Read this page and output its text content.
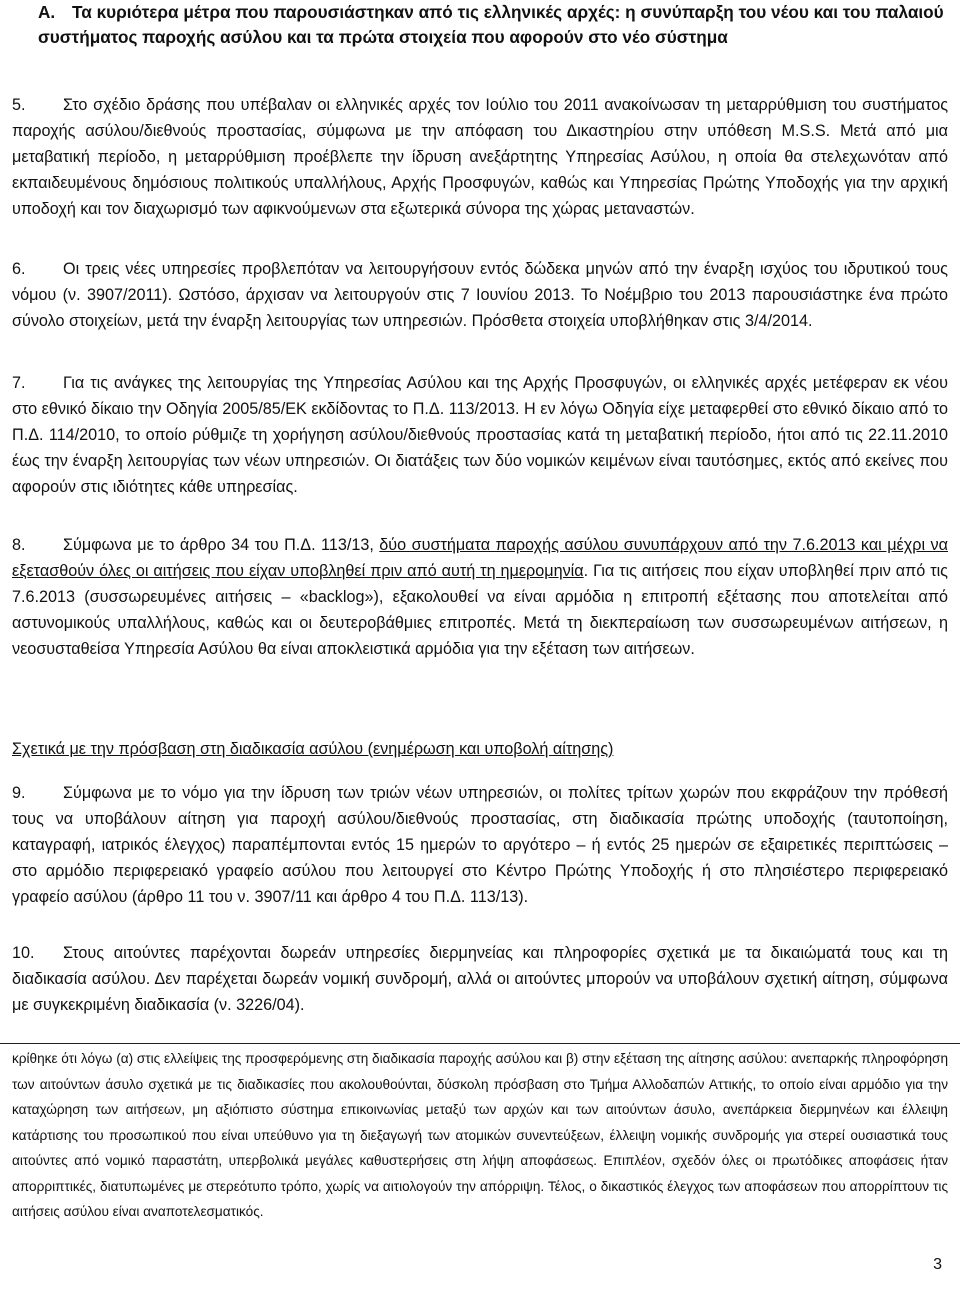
A. Τα κυριότερα μέτρα που παρουσιάστηκαν από τις ελληνικές αρχές: η συνύπαρξη του νέου και του παλαιού συστήματος παροχής ασύλου και τα πρώτα στοιχεία που αφορούν στο νέο σύστημα

5. Στο σχέδιο δράσης που υπέβαλαν οι ελληνικές αρχές τον Ιούλιο του 2011 ανακοίνωσαν τη μεταρρύθμιση του συστήματος παροχής ασύλου/διεθνούς προστασίας, σύμφωνα με την απόφαση του Δικαστηρίου στην υπόθεση M.S.S. Μετά από μια μεταβατική περίοδο, η μεταρρύθμιση προέβλεπε την ίδρυση ανεξάρτητης Υπηρεσίας Ασύλου, η οποία θα στελεχωνόταν από εκπαιδευμένους δημόσιους πολιτικούς υπαλλήλους, Αρχής Προσφυγών, καθώς και Υπηρεσίας Πρώτης Υποδοχής για την αρχική υποδοχή και τον διαχωρισμό των αφικνούμενων στα εξωτερικά σύνορα της χώρας μεταναστών.

6. Οι τρεις νέες υπηρεσίες προβλεπόταν να λειτουργήσουν εντός δώδεκα μηνών από την έναρξη ισχύος του ιδρυτικού τους νόμου (ν. 3907/2011). Ωστόσο, άρχισαν να λειτουργούν στις 7 Ιουνίου 2013. Το Νοέμβριο του 2013 παρουσιάστηκε ένα πρώτο σύνολο στοιχείων, μετά την έναρξη λειτουργίας των υπηρεσιών. Πρόσθετα στοιχεία υποβλήθηκαν στις 3/4/2014.

7. Για τις ανάγκες της λειτουργίας της Υπηρεσίας Ασύλου και της Αρχής Προσφυγών, οι ελληνικές αρχές μετέφεραν εκ νέου στο εθνικό δίκαιο την Οδηγία 2005/85/ΕΚ εκδίδοντας το Π.Δ. 113/2013. Η εν λόγω Οδηγία είχε μεταφερθεί στο εθνικό δίκαιο από το Π.Δ. 114/2010, το οποίο ρύθμιζε τη χορήγηση ασύλου/διεθνούς προστασίας κατά τη μεταβατική περίοδο, ήτοι από τις 22.11.2010 έως την έναρξη λειτουργίας των νέων υπηρεσιών. Οι διατάξεις των δύο νομικών κειμένων είναι ταυτόσημες, εκτός από εκείνες που αφορούν στις ιδιότητες κάθε υπηρεσίας.

8. Σύμφωνα με το άρθρο 34 του Π.Δ. 113/13, δύο συστήματα παροχής ασύλου συνυπάρχουν από την 7.6.2013 και μέχρι να εξετασθούν όλες οι αιτήσεις που είχαν υποβληθεί πριν από αυτή τη ημερομηνία. Για τις αιτήσεις που είχαν υποβληθεί πριν από τις 7.6.2013 (συσσωρευμένες αιτήσεις – «backlog»), εξακολουθεί να είναι αρμόδια η επιτροπή εξέτασης που αποτελείται από αστυνομικούς υπαλλήλους, καθώς και οι δευτεροβάθμιες επιτροπές. Μετά τη διεκπεραίωση των συσσωρευμένων αιτήσεων, η νεοσυσταθείσα Υπηρεσία Ασύλου θα είναι αποκλειστικά αρμόδια για την εξέταση των αιτήσεων.

Σχετικά με την πρόσβαση στη διαδικασία ασύλου (ενημέρωση και υποβολή αίτησης)

9. Σύμφωνα με το νόμο για την ίδρυση των τριών νέων υπηρεσιών, οι πολίτες τρίτων χωρών που εκφράζουν την πρόθεσή τους να υποβάλουν αίτηση για παροχή ασύλου/διεθνούς προστασίας, στη διαδικασία πρώτης υποδοχής (ταυτοποίηση, καταγραφή, ιατρικός έλεγχος) παραπέμπονται εντός 15 ημερών το αργότερο – ή εντός 25 ημερών σε εξαιρετικές περιπτώσεις – στο αρμόδιο περιφερειακό γραφείο ασύλου που λειτουργεί στο Κέντρο Πρώτης Υποδοχής ή στο πλησιέστερο περιφερειακό γραφείο ασύλου (άρθρο 11 του ν. 3907/11 και άρθρο 4 του Π.Δ. 113/13).

10. Στους αιτούντες παρέχονται δωρεάν υπηρεσίες διερμηνείας και πληροφορίες σχετικά με τα δικαιώματά τους και τη διαδικασία ασύλου. Δεν παρέχεται δωρεάν νομική συνδρομή, αλλά οι αιτούντες μπορούν να υποβάλουν σχετική αίτηση, σύμφωνα με συγκεκριμένη διαδικασία (ν. 3226/04).

κρίθηκε ότι λόγω (α) στις ελλείψεις της προσφερόμενης στη διαδικασία παροχής ασύλου και β) στην εξέταση της αίτησης ασύλου: ανεπαρκής πληροφόρηση των αιτούντων άσυλο σχετικά με τις διαδικασίες που ακολουθούνται, δύσκολη πρόσβαση στο Τμήμα Αλλοδαπών Αττικής, το οποίο είναι αρμόδιο για την καταχώρηση των αιτήσεων, μη αξιόπιστο σύστημα επικοινωνίας μεταξύ των αρχών και των αιτούντων άσυλο, ανεπάρκεια διερμηνέων και έλλειψη κατάρτισης του προσωπικού που είναι υπεύθυνο για τη διεξαγωγή των ατομικών συνεντεύξεων, έλλειψη νομικής συνδρομής για στερεί ουσιαστικά τους αιτούντες από νομικό παραστάτη, υπερβολικά μεγάλες καθυστερήσεις στη λήψη αποφάσεως. Επιπλέον, σχεδόν όλες οι πρωτόδικες αποφάσεις ήταν απορριπτικές, διατυπωμένες με στερεότυπο τρόπο, χωρίς να αιτιολογούν την απόρριψη. Τέλος, ο δικαστικός έλεγχος των αποφάσεων που απορρίπτουν τις αιτήσεις ασύλου είναι αναποτελεσματικός.

3
